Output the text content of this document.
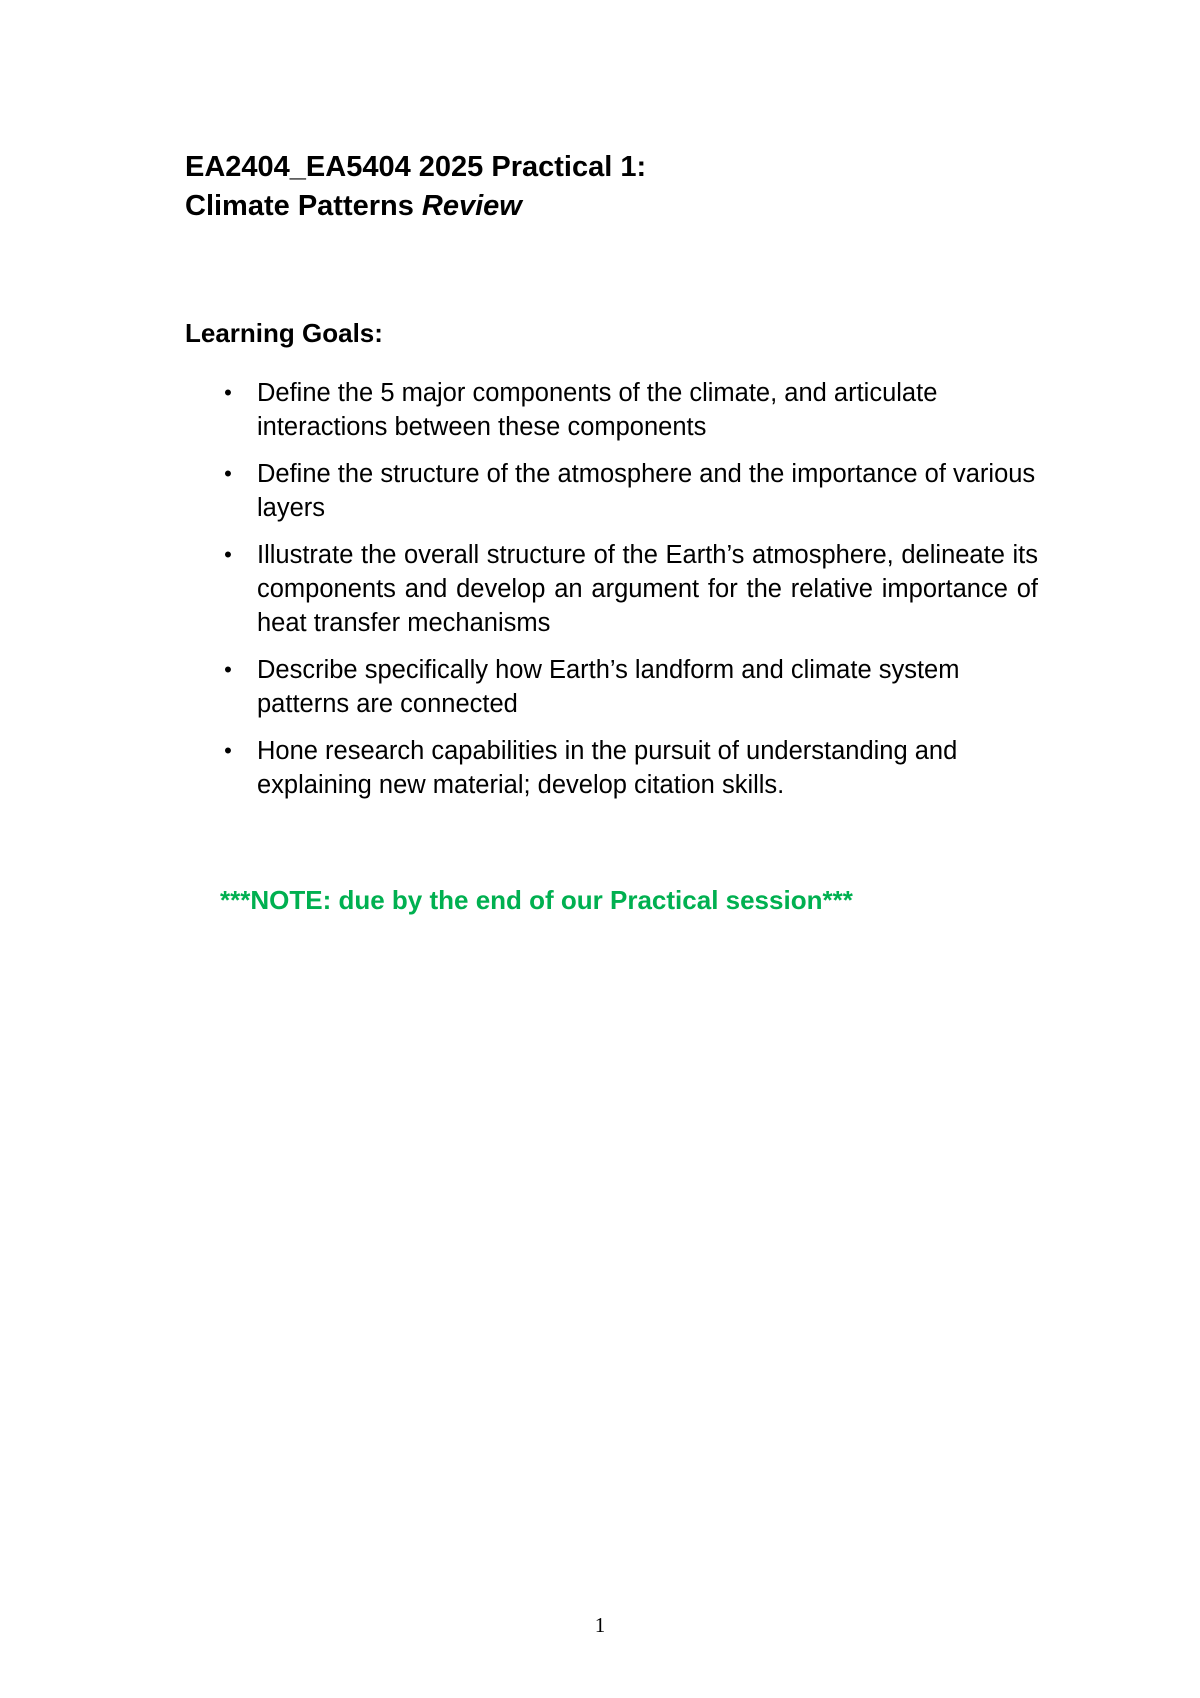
EA2404_EA5404 2025 Practical 1:
Climate Patterns Review
Learning Goals:
• Define the 5 major components of the climate, and articulate interactions between these components
• Define the structure of the atmosphere and the importance of various layers
• Illustrate the overall structure of the Earth’s atmosphere, delineate its components and develop an argument for the relative importance of heat transfer mechanisms
• Describe specifically how Earth’s landform and climate system patterns are connected
• Hone research capabilities in the pursuit of understanding and explaining new material; develop citation skills.
***NOTE: due by the end of our Practical session***
1
